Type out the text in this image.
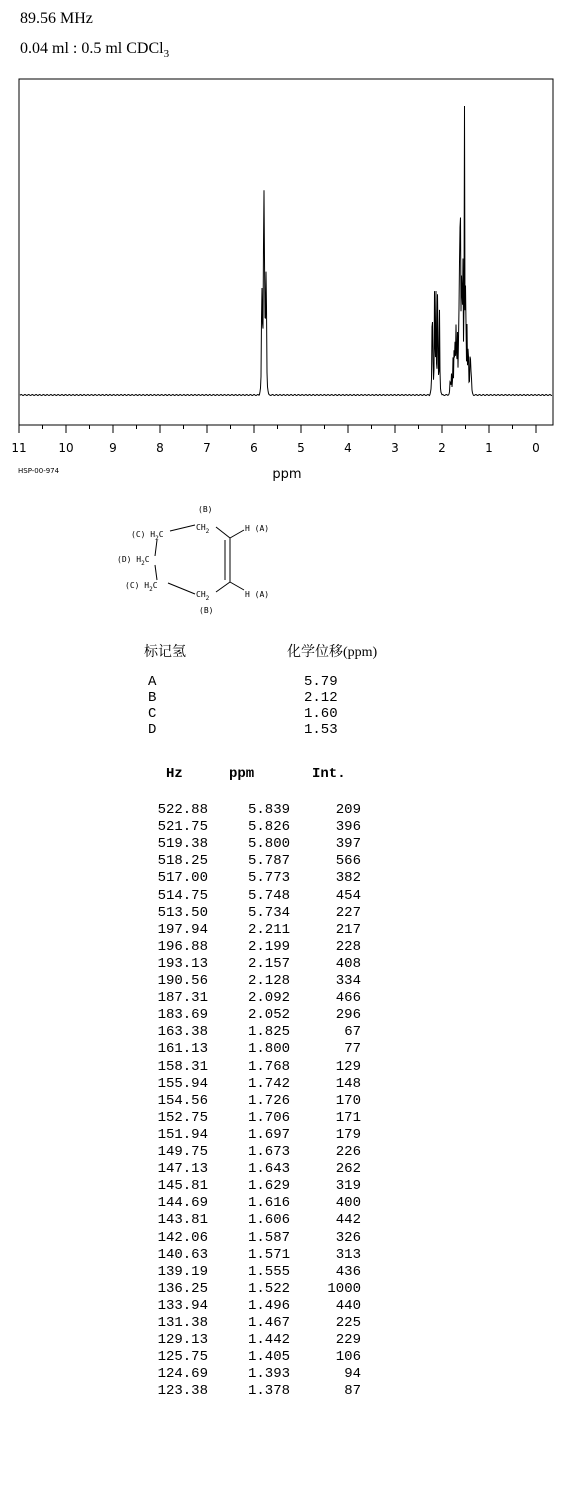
89.56 MHz
0.04 ml : 0.5 ml CDCl$_3$
11	10	9	8	7	6	5	4	3	2	1	0
ppm
HSP-00-974
(B)
(C) $H_2C$
(D) $H_2C$
(C) $H_2C$
$CH_2$
$CH_2$
(B)
H (A)
H (A)
标记氢	化学位移(ppm)
A	5.79
B	2.12
C	1.60
D	1.53
Hz	ppm	Int.
522.88	5.839	209
521.75	5.826	396
519.38	5.800	397
518.25	5.787	566
517.00	5.773	382
514.75	5.748	454
513.50	5.734	227
197.94	2.211	217
196.88	2.199	228
193.13	2.157	408
190.56	2.128	334
187.31	2.092	466
183.69	2.052	296
163.38	1.825	67
161.13	1.800	77
158.31	1.768	129
155.94	1.742	148
154.56	1.726	170
152.75	1.706	171
151.94	1.697	179
149.75	1.673	226
147.13	1.643	262
145.81	1.629	319
144.69	1.616	400
143.81	1.606	442
142.06	1.587	326
140.63	1.571	313
139.19	1.555	436
136.25	1.522	1000
133.94	1.496	440
131.38	1.467	225
129.13	1.442	229
125.75	1.405	106
124.69	1.393	94
123.38	1.378	87
